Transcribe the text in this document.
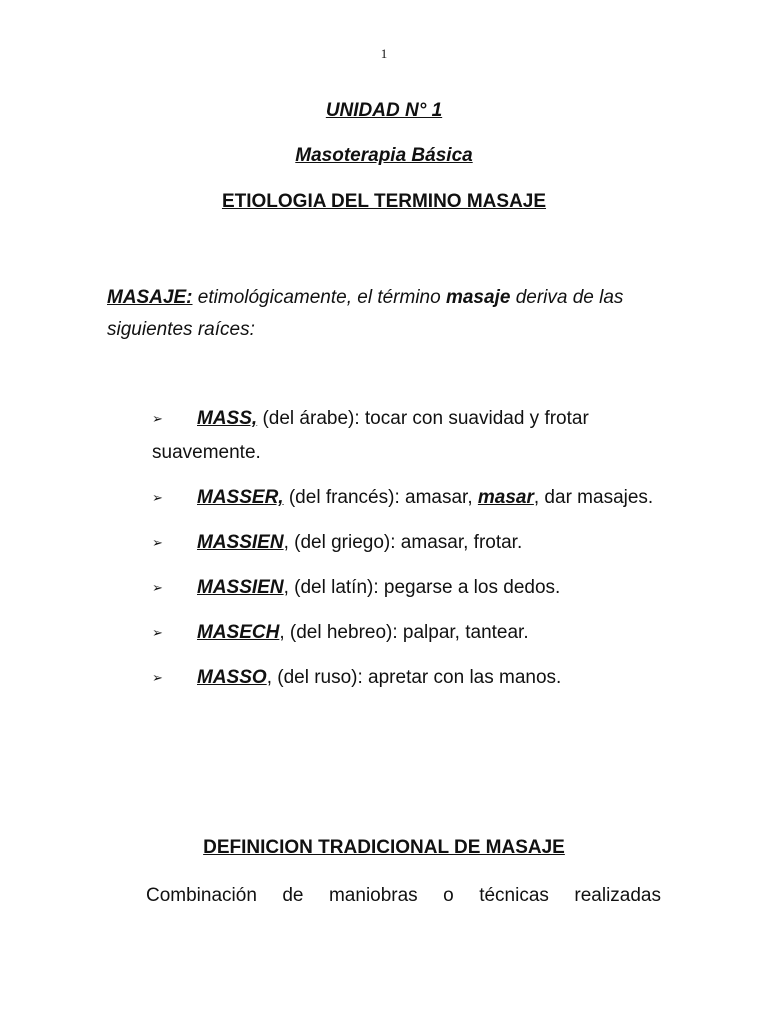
1
UNIDAD N° 1
Masoterapia Básica
ETIOLOGIA DEL TERMINO MASAJE
MASAJE: etimológicamente, el término masaje deriva de las siguientes raíces:
➢ MASS, (del árabe): tocar con suavidad y frotar suavemente.
➢ MASSER, (del francés): amasar, masar, dar masajes.
➢ MASSIEN, (del griego): amasar, frotar.
➢ MASSIEN, (del latín): pegarse a los dedos.
➢ MASECH, (del hebreo): palpar, tantear.
➢ MASSO, (del ruso): apretar con las manos.
DEFINICION TRADICIONAL DE MASAJE
Combinación de maniobras o técnicas realizadas
